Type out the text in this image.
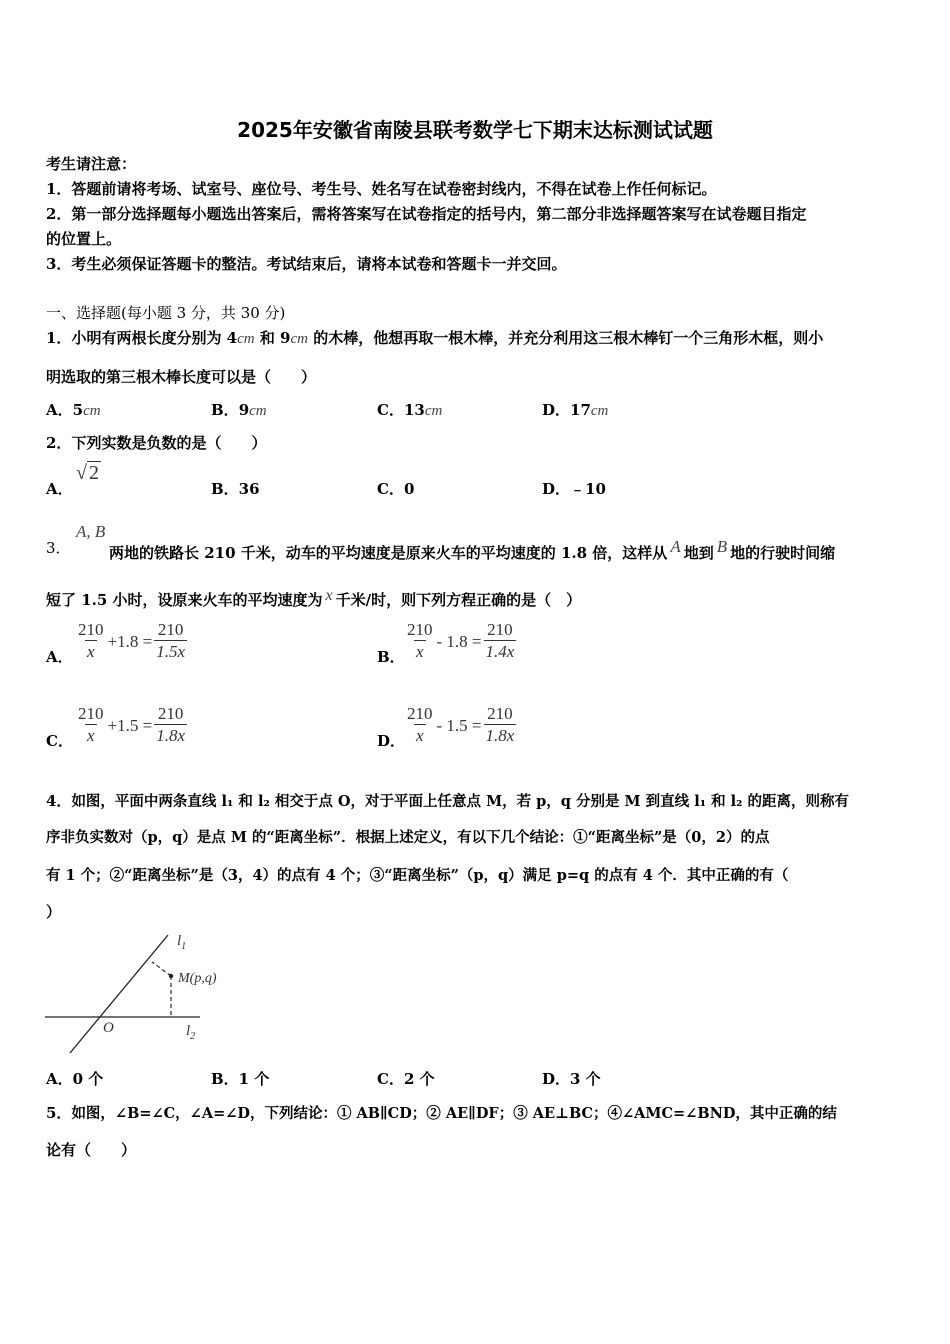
2025年安徽省南陵县联考数学七下期末达标测试试题
考生请注意：
1．答题前请将考场、试室号、座位号、考生号、姓名写在试卷密封线内，不得在试卷上作任何标记。
2．第一部分选择题每小题选出答案后，需将答案写在试卷指定的括号内，第二部分非选择题答案写在试卷题目指定
的位置上。
3．考生必须保证答题卡的整洁。考试结束后，请将本试卷和答题卡一并交回。
一、选择题(每小题 3 分，共 30 分)
1．小明有两根长度分别为 4cm 和 9cm 的木棒，他想再取一根木棒，并充分利用这三根木棒钉一个三角形木框，则小
明选取的第三根木棒长度可以是（　　）
A．5cm	B．9cm	C．13cm	D．17cm
2．下列实数是负数的是（　　）
A．
√ 2
B．36	C．0	D．﹣10
3．
A, B
两地的铁路长 210 千米，动车的平均速度是原来火车的平均速度的 1.8 倍，这样从 A 地到 B 地的行驶时间缩
短了 1.5 小时，设原来火车的平均速度为 x 千米/时，则下列方程正确的是（　）
A． $\frac{210}{x} +1.8 = \frac{210}{1.5x}$	B． $\frac{210}{x} - 1.8 = \frac{210}{1.4x}$
C． $\frac{210}{x} +1.5 = \frac{210}{1.8x}$	D． $\frac{210}{x} - 1.5 = \frac{210}{1.8x}$
4．如图，平面中两条直线 l₁ 和 l₂ 相交于点 O，对于平面上任意点 M，若 p，q 分别是 M 到直线 l₁ 和 l₂ 的距离，则称有
序非负实数对（p，q）是点 M 的“距离坐标”．根据上述定义，有以下几个结论：①“距离坐标”是（0，2）的点
有 1 个；②“距离坐标”是（3，4）的点有 4 个；③“距离坐标”（p，q）满足 p=q 的点有 4 个．其中正确的有（
）
$l_1$
M(p,q)
O	$l_2$
A．0 个	B．1 个	C．2 个	D．3 个
5．如图，∠B=∠C，∠A=∠D，下列结论：① AB∥CD；② AE∥DF；③ AE⊥BC；④∠AMC=∠BND，其中正确的结
论有（　　）
